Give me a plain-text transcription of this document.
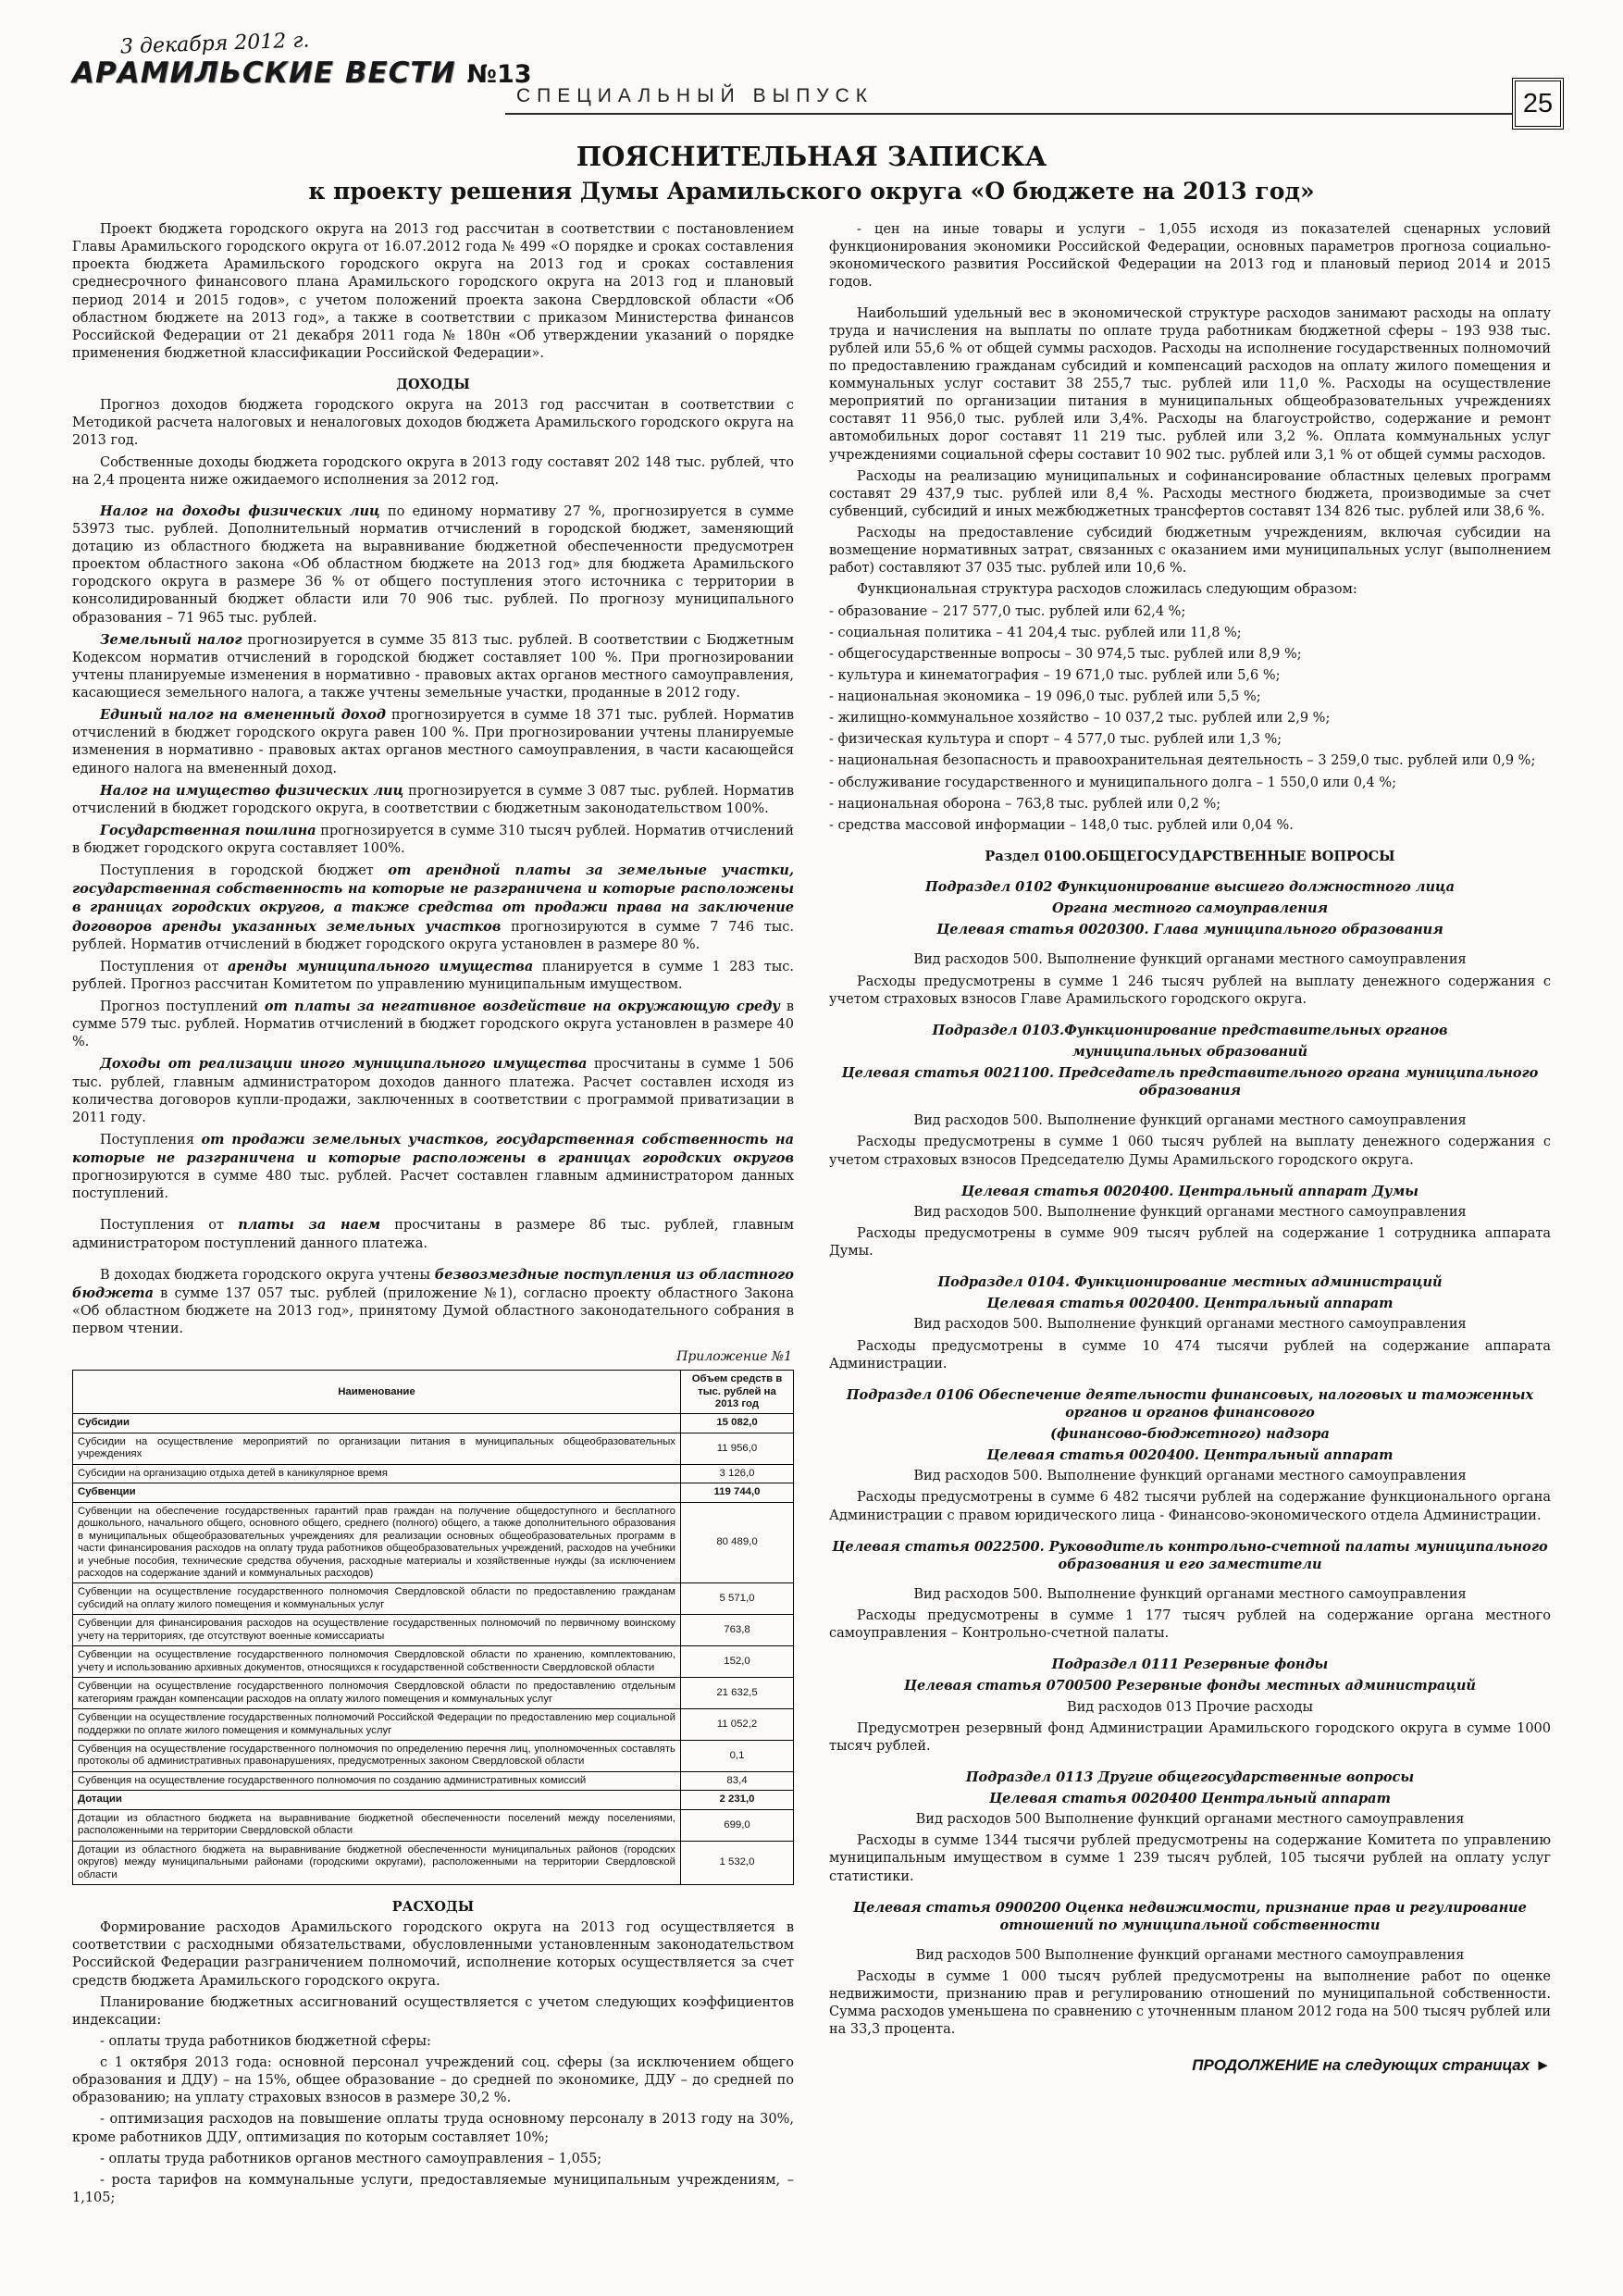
3 декабря 2012 г.
АРАМИЛЬСКИЕ ВЕСТИ №13
СПЕЦИАЛЬНЫЙ ВЫПУСК	25
ПОЯСНИТЕЛЬНАЯ ЗАПИСКА
к проекту решения Думы Арамильского округа «О бюджете на 2013 год»

Проект бюджета городского округа на 2013 год рассчитан в соответствии с постановлением Главы Арамильского городского округа от 16.07.2012 года № 499 «О порядке и сроках составления проекта бюджета Арамильского городского округа на 2013 год и сроках составления среднесрочного финансового плана Арамильского городского округа на 2013 год и плановый период 2014 и 2015 годов», с учетом положений проекта закона Свердловской области «Об областном бюджете на 2013 год», а также в соответствии с приказом Министерства финансов Российской Федерации от 21 декабря 2011 года № 180н «Об утверждении указаний о порядке применения бюджетной классификации Российской Федерации».

ДОХОДЫ

Прогноз доходов бюджета городского округа на 2013 год рассчитан в соответствии с Методикой расчета налоговых и неналоговых доходов бюджета Арамильского городского округа на 2013 год.

Собственные доходы бюджета городского округа в 2013 году составят 202 148 тыс. рублей, что на 2,4 процента ниже ожидаемого исполнения за 2012 год.

Налог на доходы физических лиц по единому нормативу 27 %, прогнозируется в сумме 53973 тыс. рублей. Дополнительный норматив отчислений в городской бюджет, заменяющий дотацию из областного бюджета на выравнивание бюджетной обеспеченности предусмотрен проектом областного закона «Об областном бюджете на 2013 год» для бюджета Арамильского городского округа в размере 36 % от общего поступления этого источника с территории в консолидированный бюджет области или 70 906 тыс. рублей. По прогнозу муниципального образования – 71 965 тыс. рублей.

Земельный налог прогнозируется в сумме 35 813 тыс. рублей. В соответствии с Бюджетным Кодексом норматив отчислений в городской бюджет составляет 100 %. При прогнозировании учтены планируемые изменения в нормативно - правовых актах органов местного самоуправления, касающиеся земельного налога, а также учтены земельные участки, проданные в 2012 году.

Единый налог на вмененный доход прогнозируется в сумме 18 371 тыс. рублей. Норматив отчислений в бюджет городского округа равен 100 %. При прогнозировании учтены планируемые изменения в нормативно - правовых актах органов местного самоуправления, в части касающейся единого налога на вмененный доход.

Налог на имущество физических лиц прогнозируется в сумме 3 087 тыс. рублей. Норматив отчислений в бюджет городского округа, в соответствии с бюджетным законодательством 100%.

Государственная пошлина прогнозируется в сумме 310 тысяч рублей. Норматив отчислений в бюджет городского округа составляет 100%.

Поступления в городской бюджет от арендной платы за земельные участки, государственная собственность на которые не разграничена и которые расположены в границах городских округов, а также средства от продажи права на заключение договоров аренды указанных земельных участков прогнозируются в сумме 7 746 тыс. рублей. Норматив отчислений в бюджет городского округа установлен в размере 80 %.

Поступления от аренды муниципального имущества планируется в сумме 1 283 тыс. рублей. Прогноз рассчитан Комитетом по управлению муниципальным имуществом.

Прогноз поступлений от платы за негативное воздействие на окружающую среду в сумме 579 тыс. рублей. Норматив отчислений в бюджет городского округа установлен в размере 40 %.

Доходы от реализации иного муниципального имущества просчитаны в сумме 1 506 тыс. рублей, главным администратором доходов данного платежа. Расчет составлен исходя из количества договоров купли-продажи, заключенных в соответствии с программой приватизации в 2011 году.

Поступления от продажи земельных участков, государственная собственность на которые не разграничена и которые расположены в границах городских округов прогнозируются в сумме 480 тыс. рублей. Расчет составлен главным администратором данных поступлений.

Поступления от платы за наем просчитаны в размере 86 тыс. рублей, главным администратором поступлений данного платежа.

В доходах бюджета городского округа учтены безвозмездные поступления из областного бюджета в сумме 137 057 тыс. рублей (приложение №1), согласно проекту областного Закона «Об областном бюджете на 2013 год», принятому Думой областного законодательного собрания в первом чтении.

Приложение №1
Наименование	Объем средств в тыс. рублей на 2013 год
Субсидии	15 082,0
Субсидии на осуществление мероприятий по организации питания в муниципальных общеобразовательных учреждениях	11 956,0
Субсидии на организацию отдыха детей в каникулярное время	3 126,0
Субвенции	119 744,0
Субвенции на обеспечение государственных гарантий прав граждан на получение общедоступного и бесплатного дошкольного, начального общего, основного общего, среднего (полного) общего, а также дополнительного образования в муниципальных общеобразовательных учреждениях для реализации основных общеобразовательных программ в части финансирования расходов на оплату труда работников общеобразовательных учреждений, расходов на учебники и учебные пособия, технические средства обучения, расходные материалы и хозяйственные нужды (за исключением расходов на содержание зданий и коммунальных расходов)	80 489,0
Субвенции на осуществление государственного полномочия Свердловской области по предоставлению гражданам субсидий на оплату жилого помещения и коммунальных услуг	5 571,0
Субвенции для финансирования расходов на осуществление государственных полномочий по первичному воинскому учету на территориях, где отсутствуют военные комиссариаты	763,8
Субвенции на осуществление государственного полномочия Свердловской области по хранению, комплектованию, учету и использованию архивных документов, относящихся к государственной собственности Свердловской области	152,0
Субвенции на осуществление государственного полномочия Свердловской области по предоставлению отдельным категориям граждан компенсации расходов на оплату жилого помещения и коммунальных услуг	21 632,5
Субвенции на осуществление государственных полномочий Российской Федерации по предоставлению мер социальной поддержки по оплате жилого помещения и коммунальных услуг	11 052,2
Субвенция на осуществление государственного полномочия по определению перечня лиц, уполномоченных составлять протоколы об административных правонарушениях, предусмотренных законом Свердловской области	0,1
Субвенция на осуществление государственного полномочия по созданию административных комиссий	83,4
Дотации	2 231,0
Дотации из областного бюджета на выравнивание бюджетной обеспеченности поселений между поселениями, расположенными на территории Свердловской области	699,0
Дотации из областного бюджета на выравнивание бюджетной обеспеченности муниципальных районов (городских округов) между муниципальными районами (городскими округами), расположенными на территории Свердловской области	1 532,0

РАСХОДЫ

Формирование расходов Арамильского городского округа на 2013 год осуществляется в соответствии с расходными обязательствами, обусловленными установленным законодательством Российской Федерации разграничением полномочий, исполнение которых осуществляется за счет средств бюджета Арамильского городского округа.

Планирование бюджетных ассигнований осуществляется с учетом следующих коэффициентов индексации:

- оплаты труда работников бюджетной сферы:

с 1 октября 2013 года: основной персонал учреждений соц. сферы (за исключением общего образования и ДДУ) – на 15%, общее образование – до средней по экономике, ДДУ – до средней по образованию; на уплату страховых взносов в размере 30,2 %.

- оптимизация расходов на повышение оплаты труда основному персоналу в 2013 году на 30%, кроме работников ДДУ, оптимизация по которым составляет 10%;

- оплаты труда работников органов местного самоуправления – 1,055;

- роста тарифов на коммунальные услуги, предоставляемые муниципальным учреждениям, – 1,105;

- цен на иные товары и услуги – 1,055 исходя из показателей сценарных условий функционирования экономики Российской Федерации, основных параметров прогноза социально-экономического развития Российской Федерации на 2013 год и плановый период 2014 и 2015 годов.

Наибольший удельный вес в экономической структуре расходов занимают расходы на оплату труда и начисления на выплаты по оплате труда работникам бюджетной сферы – 193 938 тыс. рублей или 55,6 % от общей суммы расходов. Расходы на исполнение государственных полномочий по предоставлению гражданам субсидий и компенсаций расходов на оплату жилого помещения и коммунальных услуг составит 38 255,7 тыс. рублей или 11,0 %. Расходы на осуществление мероприятий по организации питания в муниципальных общеобразовательных учреждениях составят 11 956,0 тыс. рублей или 3,4%. Расходы на благоустройство, содержание и ремонт автомобильных дорог составят 11 219 тыс. рублей или 3,2 %. Оплата коммунальных услуг учреждениями социальной сферы составит 10 902 тыс. рублей или 3,1 % от общей суммы расходов.

Расходы на реализацию муниципальных и софинансирование областных целевых программ составят 29 437,9 тыс. рублей или 8,4 %. Расходы местного бюджета, производимые за счет субвенций, субсидий и иных межбюджетных трансфертов составят 134 826 тыс. рублей или 38,6 %.

Расходы на предоставление субсидий бюджетным учреждениям, включая субсидии на возмещение нормативных затрат, связанных с оказанием ими муниципальных услуг (выполнением работ) составляют 37 035 тыс. рублей или 10,6 %.

Функциональная структура расходов сложилась следующим образом:

- образование – 217 577,0 тыс. рублей или 62,4 %;

- социальная политика – 41 204,4 тыс. рублей или 11,8 %;

- общегосударственные вопросы – 30 974,5 тыс. рублей или 8,9 %;

- культура и кинематография – 19 671,0 тыс. рублей или 5,6 %;

- национальная экономика – 19 096,0 тыс. рублей или 5,5 %;

- жилищно-коммунальное хозяйство – 10 037,2 тыс. рублей или 2,9 %;

- физическая культура и спорт – 4 577,0 тыс. рублей или 1,3 %;

- национальная безопасность и правоохранительная деятельность – 3 259,0 тыс. рублей или 0,9 %;

- обслуживание государственного и муниципального долга – 1 550,0 или 0,4 %;

- национальная оборона – 763,8 тыс. рублей или 0,2 %;

- средства массовой информации – 148,0 тыс. рублей или 0,04 %.

Раздел 0100.ОБЩЕГОСУДАРСТВЕННЫЕ ВОПРОСЫ

Подраздел 0102 Функционирование высшего должностного лица

Органа местного самоуправления

Целевая статья 0020300. Глава муниципального образования

Вид расходов 500. Выполнение функций органами местного самоуправления

Расходы предусмотрены в сумме 1 246 тысяч рублей на выплату денежного содержания с учетом страховых взносов Главе Арамильского городского округа.

Подраздел 0103.Функционирование представительных органов

муниципальных образований

Целевая статья 0021100. Председатель представительного органа муниципального образования

Вид расходов 500. Выполнение функций органами местного самоуправления

Расходы предусмотрены в сумме 1 060 тысяч рублей на выплату денежного содержания с учетом страховых взносов Председателю Думы Арамильского городского округа.

Целевая статья 0020400. Центральный аппарат Думы

Вид расходов 500. Выполнение функций органами местного самоуправления

Расходы предусмотрены в сумме 909 тысяч рублей на содержание 1 сотрудника аппарата Думы.

Подраздел 0104. Функционирование местных администраций

Целевая статья 0020400. Центральный аппарат

Вид расходов 500. Выполнение функций органами местного самоуправления

Расходы предусмотрены в сумме 10 474 тысячи рублей на содержание аппарата Администрации.

Подраздел 0106 Обеспечение деятельности финансовых, налоговых и таможенных органов и органов финансового

(финансово-бюджетного) надзора

Целевая статья 0020400. Центральный аппарат

Вид расходов 500. Выполнение функций органами местного самоуправления

Расходы предусмотрены в сумме 6 482 тысячи рублей на содержание функционального органа Администрации с правом юридического лица - Финансово-экономического отдела Администрации.

Целевая статья 0022500. Руководитель контрольно-счетной палаты муниципального образования и его заместители

Вид расходов 500. Выполнение функций органами местного самоуправления

Расходы предусмотрены в сумме 1 177 тысяч рублей на содержание органа местного самоуправления – Контрольно-счетной палаты.

Подраздел 0111 Резервные фонды

Целевая статья 0700500 Резервные фонды местных администраций

Вид расходов 013 Прочие расходы

Предусмотрен резервный фонд Администрации Арамильского городского округа в сумме 1000 тысяч рублей.

Подраздел 0113 Другие общегосударственные вопросы

Целевая статья 0020400 Центральный аппарат

Вид расходов 500 Выполнение функций органами местного самоуправления

Расходы в сумме 1344 тысячи рублей предусмотрены на содержание Комитета по управлению муниципальным имуществом в сумме 1 239 тысяч рублей, 105 тысячи рублей на оплату услуг статистики.

Целевая статья 0900200 Оценка недвижимости, признание прав и регулирование отношений по муниципальной собственности

Вид расходов 500 Выполнение функций органами местного самоуправления

Расходы в сумме 1 000 тысяч рублей предусмотрены на выполнение работ по оценке недвижимости, признанию прав и регулированию отношений по муниципальной собственности. Сумма расходов уменьшена по сравнению с уточненным планом 2012 года на 500 тысяч рублей или на 33,3 процента.

ПРОДОЛЖЕНИЕ на следующих страницах ►
